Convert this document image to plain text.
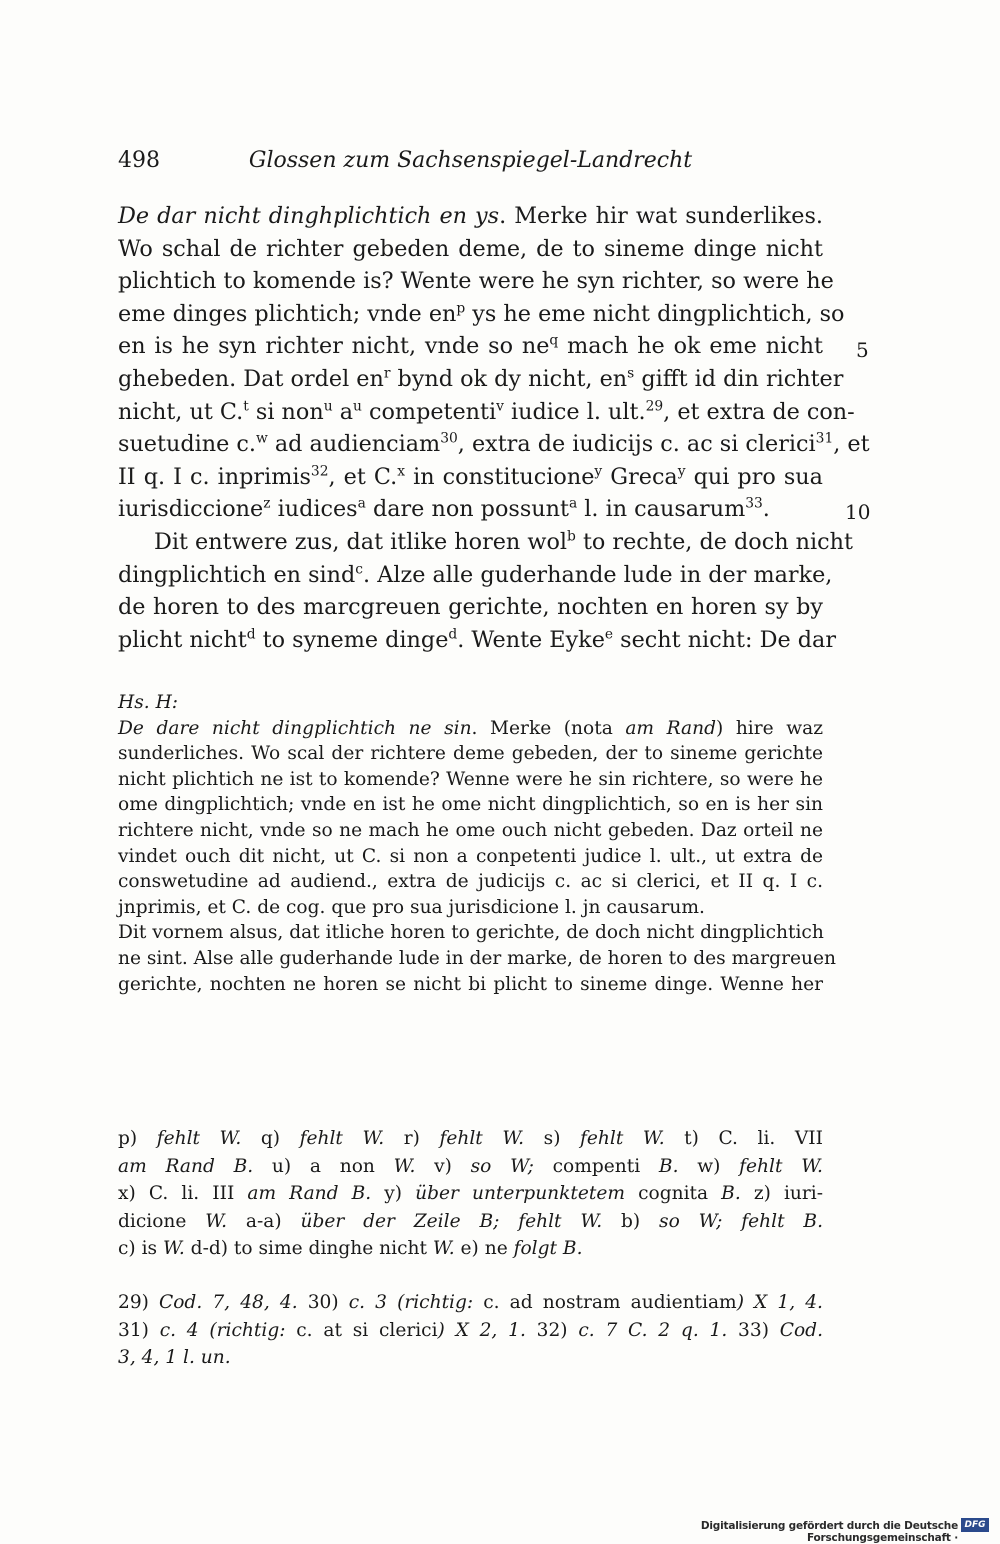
498	Glossen zum Sachsenspiegel-Landrecht
De dar nicht dinghplichtich en ys. Merke hir wat sunderlikes.
Wo schal de richter gebeden deme, de to sineme dinge nicht
plichtich to komende is? Wente were he syn richter, so were he
eme dinges plichtich; vnde $en^p$ ys he eme nicht dingplichtich, so
en is he syn richter nicht, vnde so $ne^q$ mach he ok eme nicht
ghebeden. Dat ordel $en^r$ bynd ok dy nicht, $en^s$ gifft id din richter
nicht, ut C.$^t$ si non$^u$ $a^u$ competenti$^v$ iudice l. ult.$^{29}$, et extra de con-
suetudine c.$^w$ ad audienciam$^{30}$, extra de iudicijs c. ac si clerici$^{31}$, et
II q. I c. inprimis$^{32}$, et C.$^x$ in constitucione$^y$ Greca$^y$ qui pro sua
iurisdiccione$^z$ iudices$^a$ dare non possunt$^a$ l. in causarum$^{33}$.
Dit entwere zus, dat itlike horen wol$^b$ to rechte, de doch nicht
dingplichtich en sind$^c$. Alze alle guderhande lude in der marke,
de horen to des marcgreuen gerichte, nochten en horen sy by
plicht nicht$^d$ to syneme dinge$^d$. Wente Eyke$^e$ secht nicht: De dar
5
10
Hs. H:
De dare nicht dingplichtich ne sin. Merke (nota am Rand) hire waz
sunderliches. Wo scal der richtere deme gebeden, der to sineme gerichte
nicht plichtich ne ist to komende? Wenne were he sin richtere, so were he
ome dingplichtich; vnde en ist he ome nicht dingplichtich, so en is her sin
richtere nicht, vnde so ne mach he ome ouch nicht gebeden. Daz orteil ne
vindet ouch dit nicht, ut C. si non a conpetenti judice l. ult., ut extra de
conswetudine ad audiend., extra de judicijs c. ac si clerici, et II q. I c.
jnprimis, et C. de cog. que pro sua jurisdicione l. jn causarum.
Dit vornem alsus, dat itliche horen to gerichte, de doch nicht dingplichtich
ne sint. Alse alle guderhande lude in der marke, de horen to des margreuen
gerichte, nochten ne horen se nicht bi plicht to sineme dinge. Wenne her
p) fehlt W. q) fehlt W. r) fehlt W. s) fehlt W. t) C. li. VII
am Rand B. u) a non W. v) so W; compenti B. w) fehlt W.
x) C. li. III am Rand B. y) über unterpunktetem cognita B. z) iuri-
dicione W. a-a) über der Zeile B; fehlt W. b) so W; fehlt B.
c) is W. d-d) to sime dinghe nicht W. e) ne folgt B.
29) Cod. 7, 48, 4. 30) c. 3 (richtig: c. ad nostram audientiam) X 1, 4.
31) c. 4 (richtig: c. at si clerici) X 2, 1. 32) c. 7 C. 2 q. 1. 33) Cod.
3, 4, 1 l. un.
Digitalisierung gefördert durch die Deutsche Forschungsgemeinschaft ·
DFG
